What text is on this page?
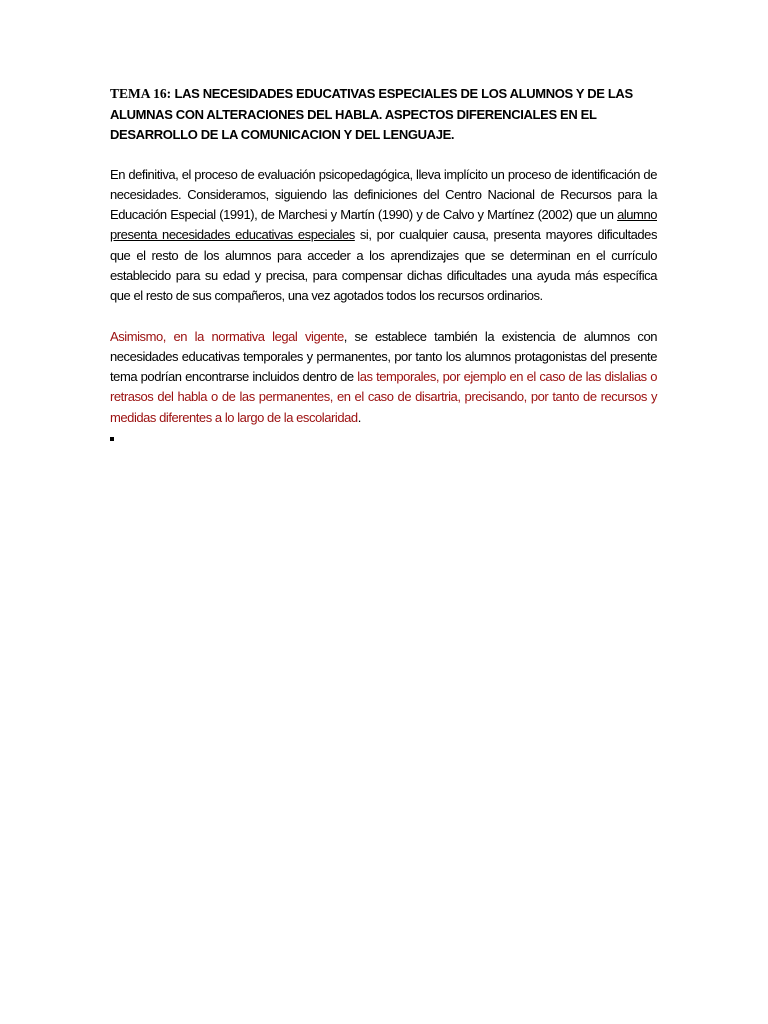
TEMA 16: LAS NECESIDADES EDUCATIVAS ESPECIALES DE LOS ALUMNOS Y DE LAS ALUMNAS CON ALTERACIONES DEL HABLA. ASPECTOS DIFERENCIALES EN EL DESARROLLO DE LA COMUNICACION Y DEL LENGUAJE.

En definitiva, el proceso de evaluación psicopedagógica, lleva implícito un proceso de identificación de necesidades. Consideramos, siguiendo las definiciones del Centro Nacional de Recursos para la Educación Especial (1991), de Marchesi y Martín (1990) y de Calvo y Martínez (2002) que un alumno presenta necesidades educativas especiales si, por cualquier causa, presenta mayores dificultades que el resto de los alumnos para acceder a los aprendizajes que se determinan en el currículo establecido para su edad y precisa, para compensar dichas dificultades una ayuda más específica que el resto de sus compañeros, una vez agotados todos los recursos ordinarios.

Asimismo, en la normativa legal vigente, se establece también la existencia de alumnos con necesidades educativas temporales y permanentes, por tanto los alumnos protagonistas del presente tema podrían encontrarse incluidos dentro de las temporales, por ejemplo en el caso de las dislalias o retrasos del habla o de las permanentes, en el caso de disartria, precisando, por tanto de recursos y medidas diferentes a lo largo de la escolaridad.
